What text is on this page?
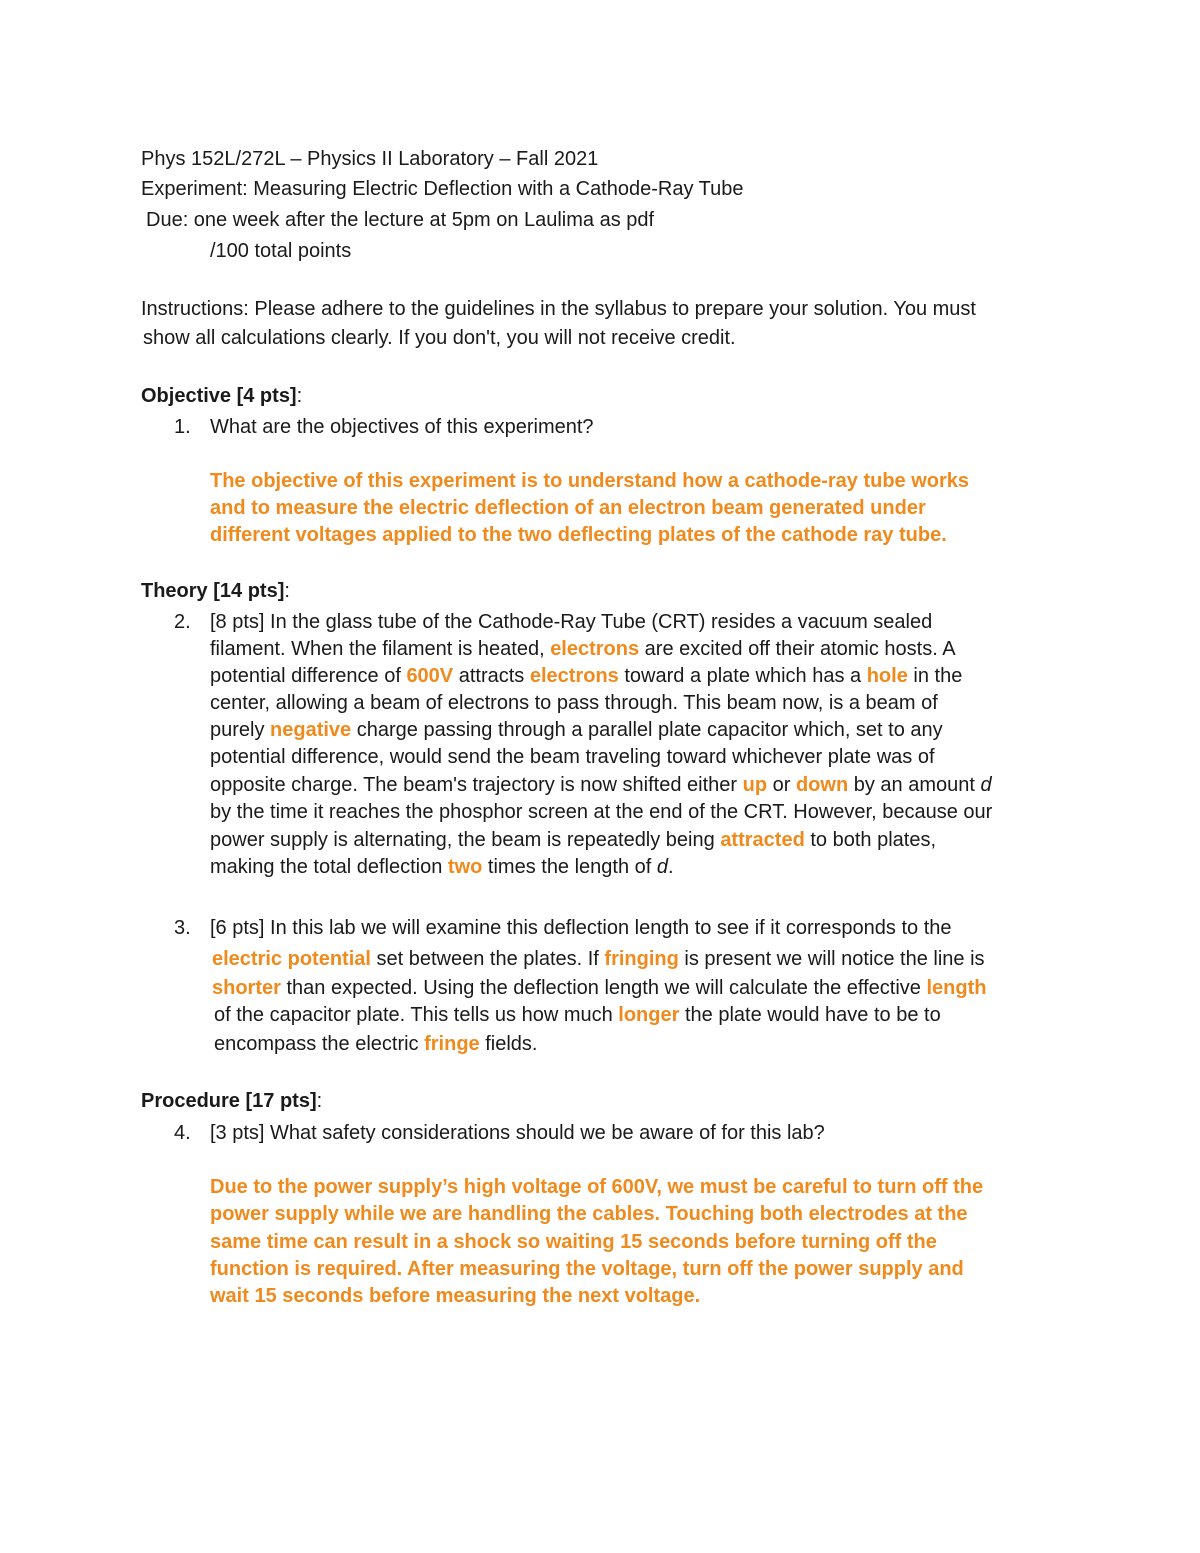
Phys 152L/272L – Physics II Laboratory – Fall 2021
Experiment: Measuring Electric Deflection with a Cathode-Ray Tube
Due: one week after the lecture at 5pm on Laulima as pdf
/100 total points
Instructions: Please adhere to the guidelines in the syllabus to prepare your solution. You must
show all calculations clearly. If you don't, you will not receive credit.
Objective [4 pts]:
1. What are the objectives of this experiment?
The objective of this experiment is to understand how a cathode-ray tube works
and to measure the electric deflection of an electron beam generated under
different voltages applied to the two deflecting plates of the cathode ray tube.
Theory [14 pts]:
2. [8 pts] In the glass tube of the Cathode-Ray Tube (CRT) resides a vacuum sealed
filament. When the filament is heated, electrons are excited off their atomic hosts. A
potential difference of 600V attracts electrons toward a plate which has a hole in the
center, allowing a beam of electrons to pass through. This beam now, is a beam of
purely negative charge passing through a parallel plate capacitor which, set to any
potential difference, would send the beam traveling toward whichever plate was of
opposite charge. The beam's trajectory is now shifted either up or down by an amount d
by the time it reaches the phosphor screen at the end of the CRT. However, because our
power supply is alternating, the beam is repeatedly being attracted to both plates,
making the total deflection two times the length of d.
3. [6 pts] In this lab we will examine this deflection length to see if it corresponds to the
electric potential set between the plates. If fringing is present we will notice the line is
shorter than expected. Using the deflection length we will calculate the effective length
of the capacitor plate. This tells us how much longer the plate would have to be to
encompass the electric fringe fields.
Procedure [17 pts]:
4. [3 pts] What safety considerations should we be aware of for this lab?
Due to the power supply’s high voltage of 600V, we must be careful to turn off the
power supply while we are handling the cables. Touching both electrodes at the
same time can result in a shock so waiting 15 seconds before turning off the
function is required. After measuring the voltage, turn off the power supply and
wait 15 seconds before measuring the next voltage.
